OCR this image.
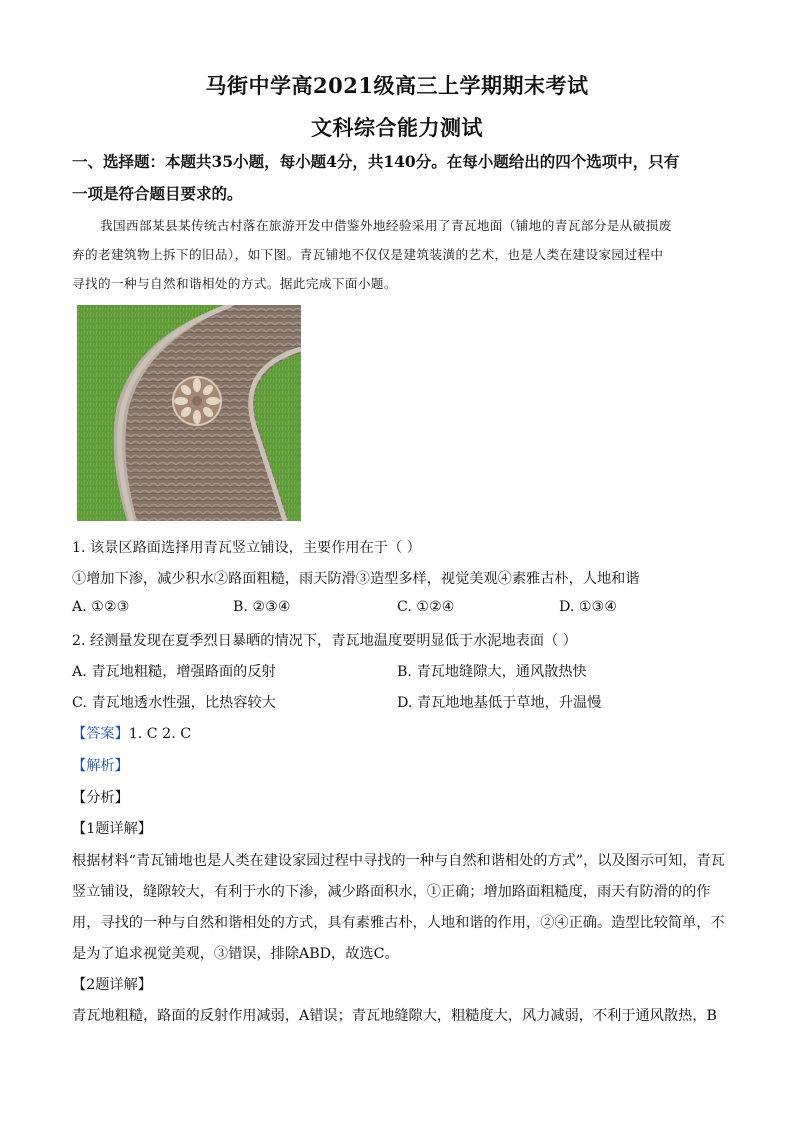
马街中学高2021级高三上学期期末考试
文科综合能力测试
一、选择题：本题共35小题，每小题4分，共140分。在每小题给出的四个选项中，只有
一项是符合题目要求的。
我国西部某县某传统古村落在旅游开发中借鉴外地经验采用了青瓦地面（铺地的青瓦部分是从破损废
弃的老建筑物上拆下的旧品），如下图。青瓦铺地不仅仅是建筑装潢的艺术，也是人类在建设家园过程中
寻找的一种与自然和谐相处的方式。据此完成下面小题。
1. 该景区路面选择用青瓦竖立铺设，主要作用在于（ ）
①增加下渗，减少积水②路面粗糙，雨天防滑③造型多样，视觉美观④素雅古朴，人地和谐
A. ①②③	B. ②③④	C. ①②④	D. ①③④
2. 经测量发现在夏季烈日暴晒的情况下，青瓦地温度要明显低于水泥地表面（ ）
A. 青瓦地粗糙，增强路面的反射	B. 青瓦地缝隙大，通风散热快
C. 青瓦地透水性强，比热容较大	D. 青瓦地地基低于草地，升温慢
【答案】1. C 2. C
【解析】
【分析】
【1题详解】
根据材料“青瓦铺地也是人类在建设家园过程中寻找的一种与自然和谐相处的方式”，以及图示可知，青瓦
竖立铺设，缝隙较大，有利于水的下渗，减少路面积水，①正确；增加路面粗糙度，雨天有防滑的的作
用，寻找的一种与自然和谐相处的方式，具有素雅古朴，人地和谐的作用，②④正确。造型比较简单，不
是为了追求视觉美观，③错误，排除ABD，故选C。
【2题详解】
青瓦地粗糙，路面的反射作用减弱，A错误；青瓦地缝隙大，粗糙度大，风力减弱，不利于通风散热，B
